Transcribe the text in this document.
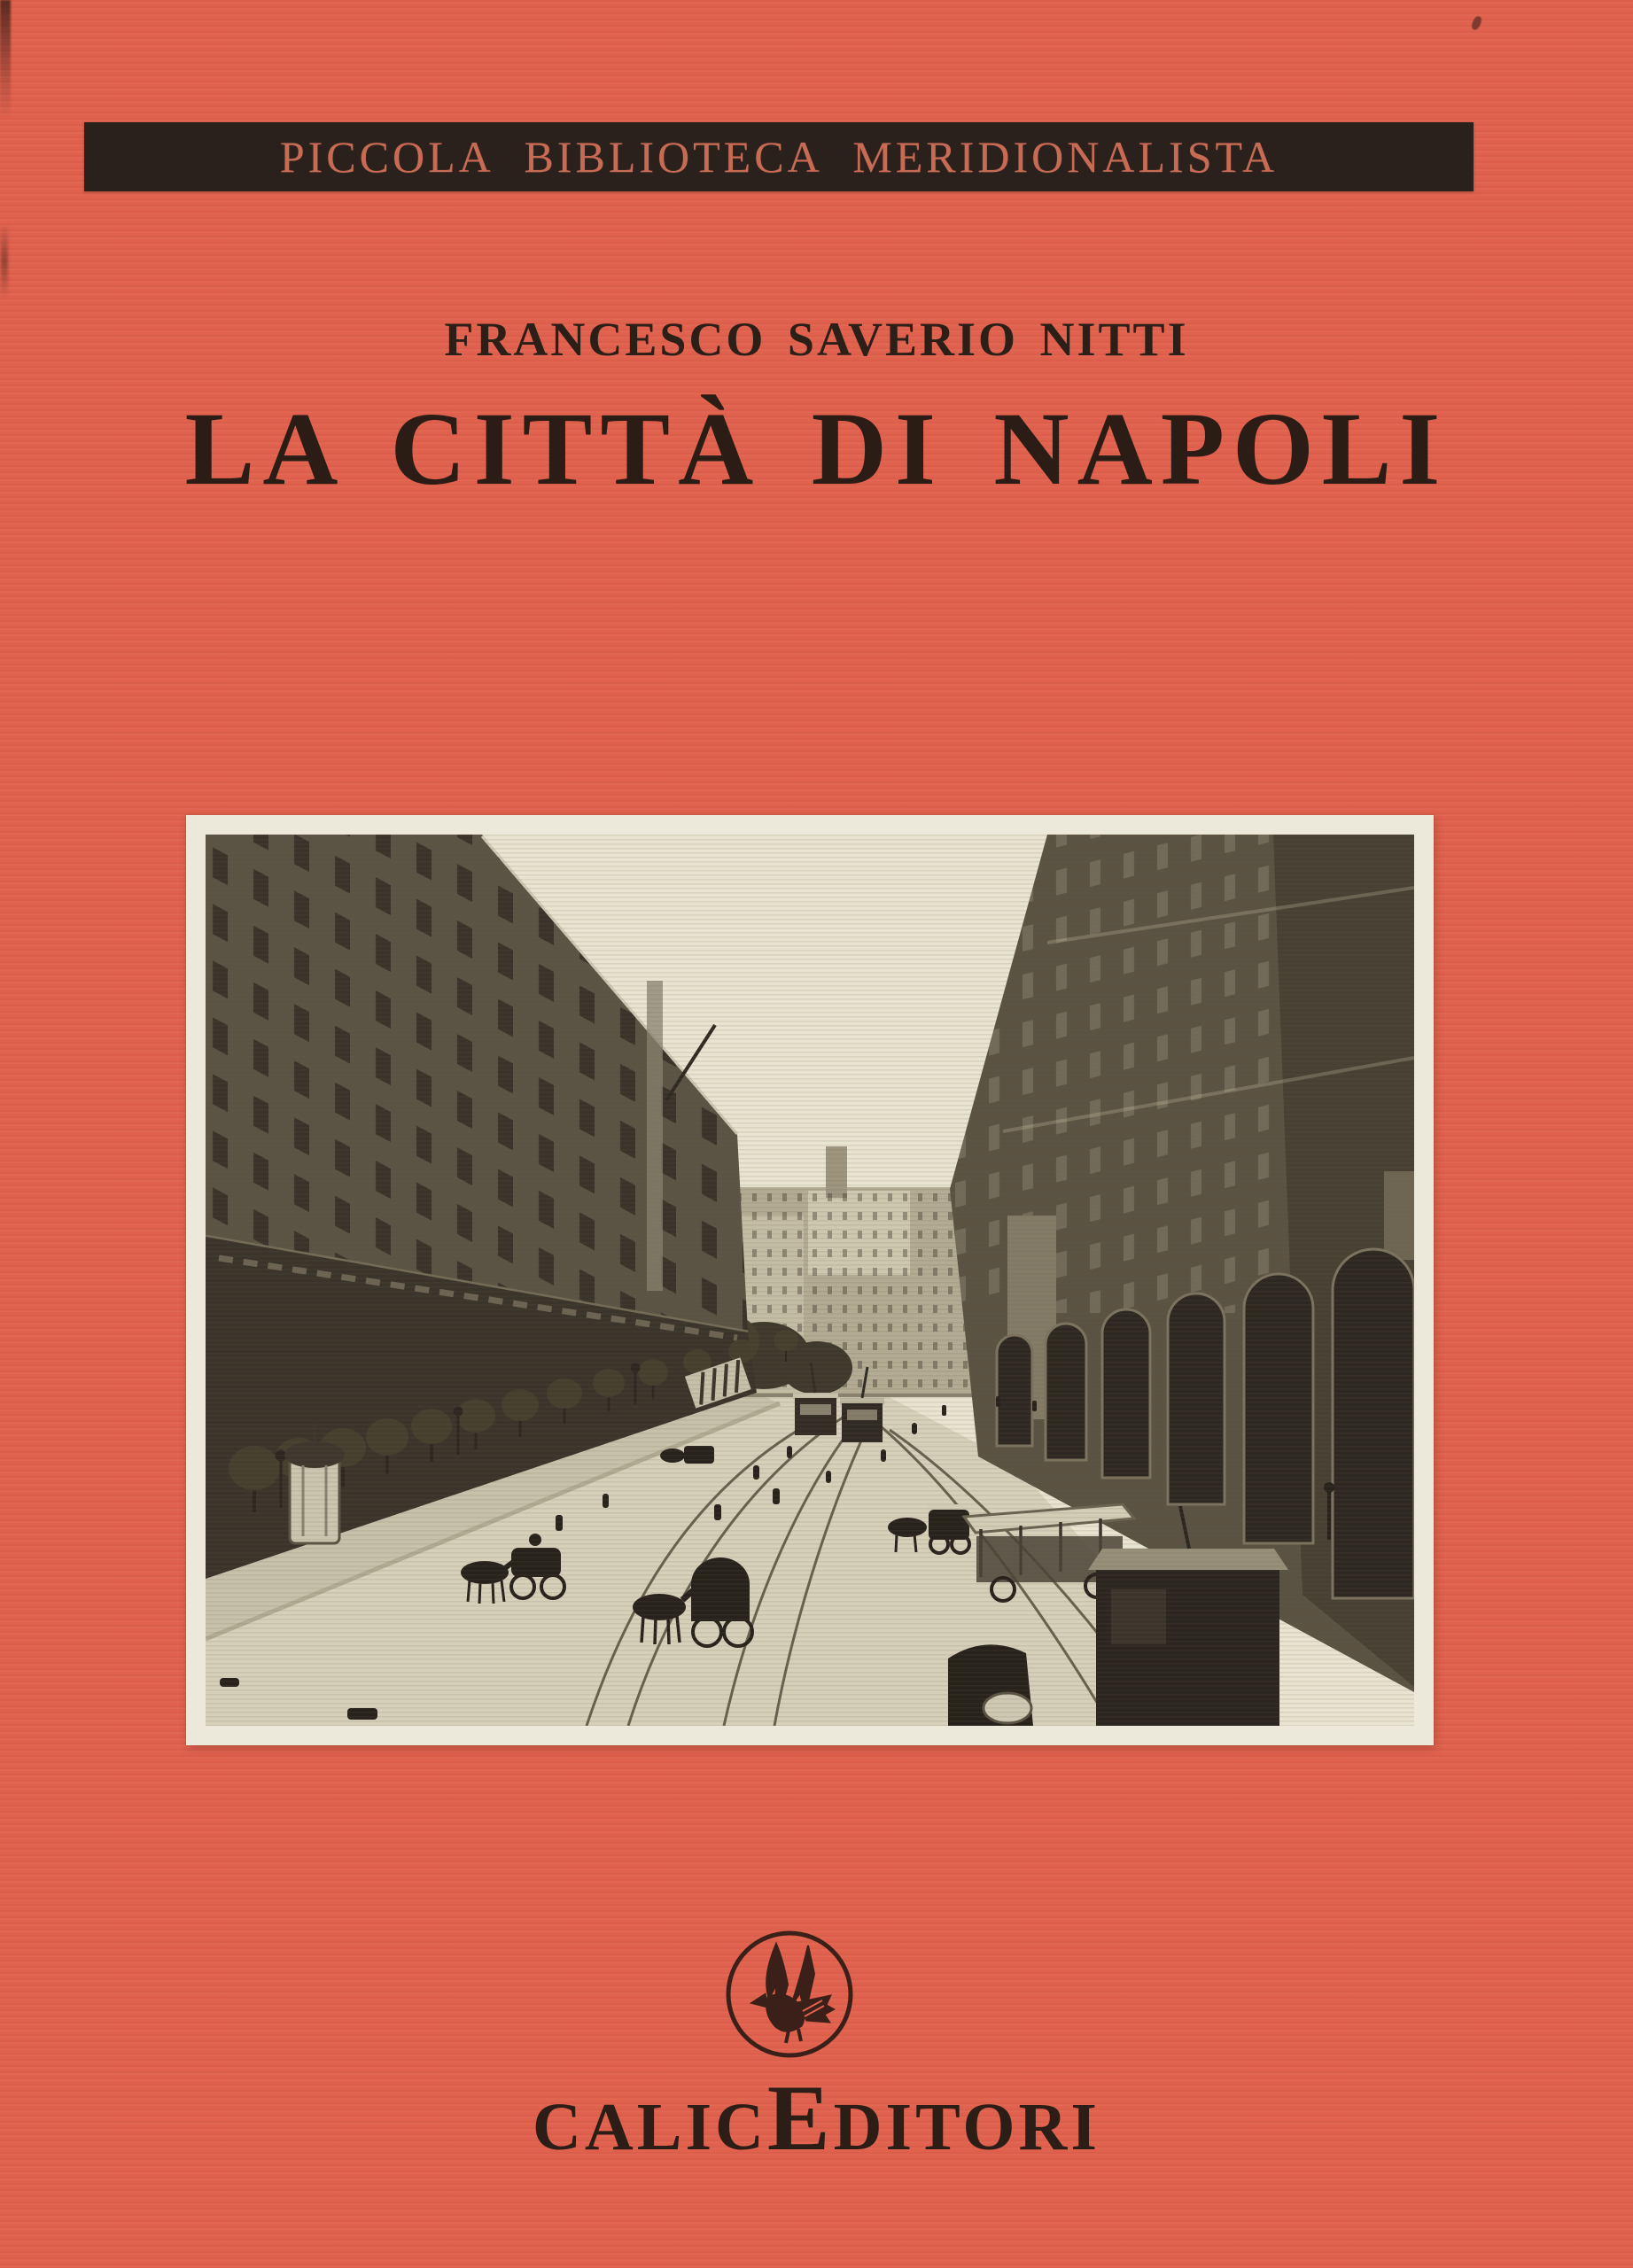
PICCOLA BIBLIOTECA MERIDIONALISTA
FRANCESCO SAVERIO NITTI
LA CITTÀ DI NAPOLI
CALIC E DITORI
